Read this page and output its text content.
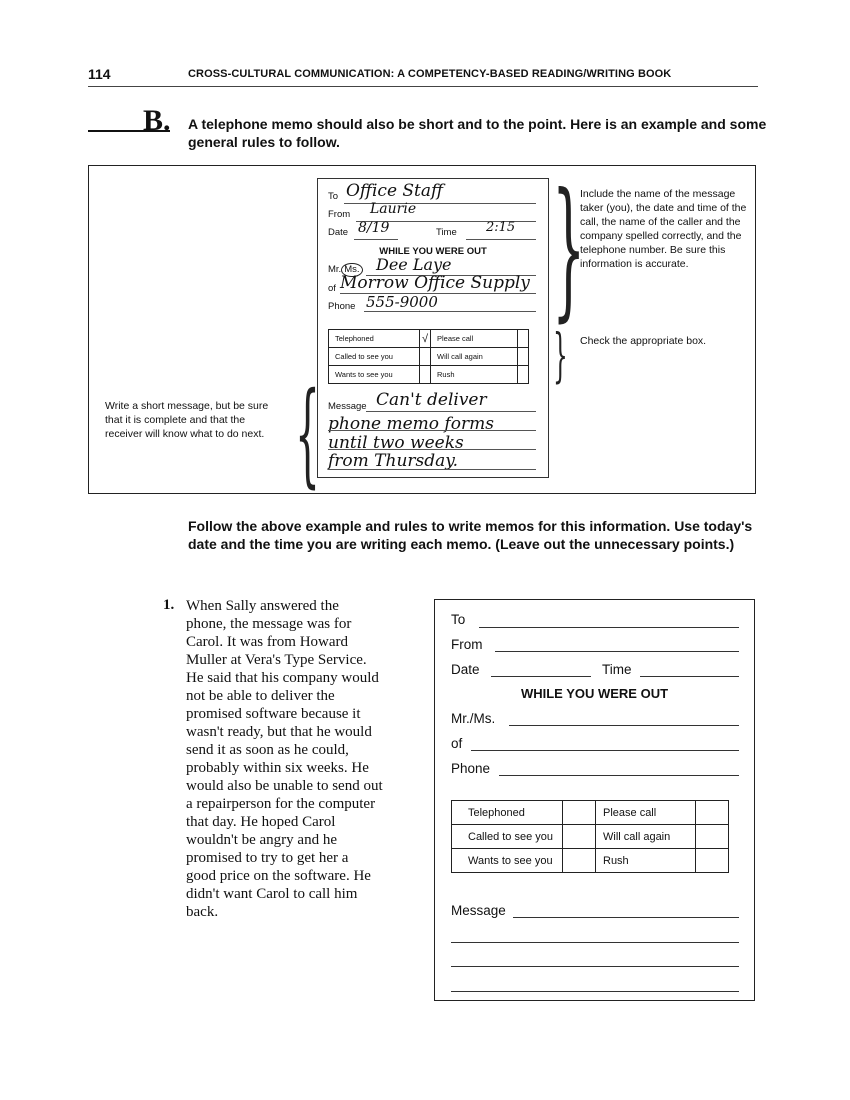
114	CROSS-CULTURAL COMMUNICATION: A COMPETENCY-BASED READING/WRITING BOOK
B. A telephone memo should also be short and to the point. Here is an example and some general rules to follow.
To Office Staff
From Laurie
Date 8/19	Time 2:15
WHILE YOU WERE OUT
Mr. Ms. Dee Laye
of Morrow Office Supply
Phone 555-9000
Telephoned	√	Please call	
Called to see you		Will call again	
Wants to see you		Rush	
Message Can't deliver
phone memo forms
until two weeks
from Thursday.
}
}
{
Include the name of the message taker (you), the date and time of the call, the name of the caller and the company spelled correctly, and the telephone number. Be sure this information is accurate.
Check the appropriate box.
Write a short message, but be sure that it is complete and that the receiver will know what to do next.
Follow the above example and rules to write memos for this information. Use today's date and the time you are writing each memo. (Leave out the unnecessary points.)
1. When Sally answered the
phone, the message was for
Carol. It was from Howard
Muller at Vera's Type Service.
He said that his company would
not be able to deliver the
promised software because it
wasn't ready, but that he would
send it as soon as he could,
probably within six weeks. He
would also be unable to send out
a repairperson for the computer
that day. He hoped Carol
wouldn't be angry and he
promised to try to get her a
good price on the software. He
didn't want Carol to call him
back.
To
From
Date	Time
WHILE YOU WERE OUT
Mr./Ms.
of
Phone
Telephoned		Please call	
Called to see you		Will call again	
Wants to see you		Rush	
Message
